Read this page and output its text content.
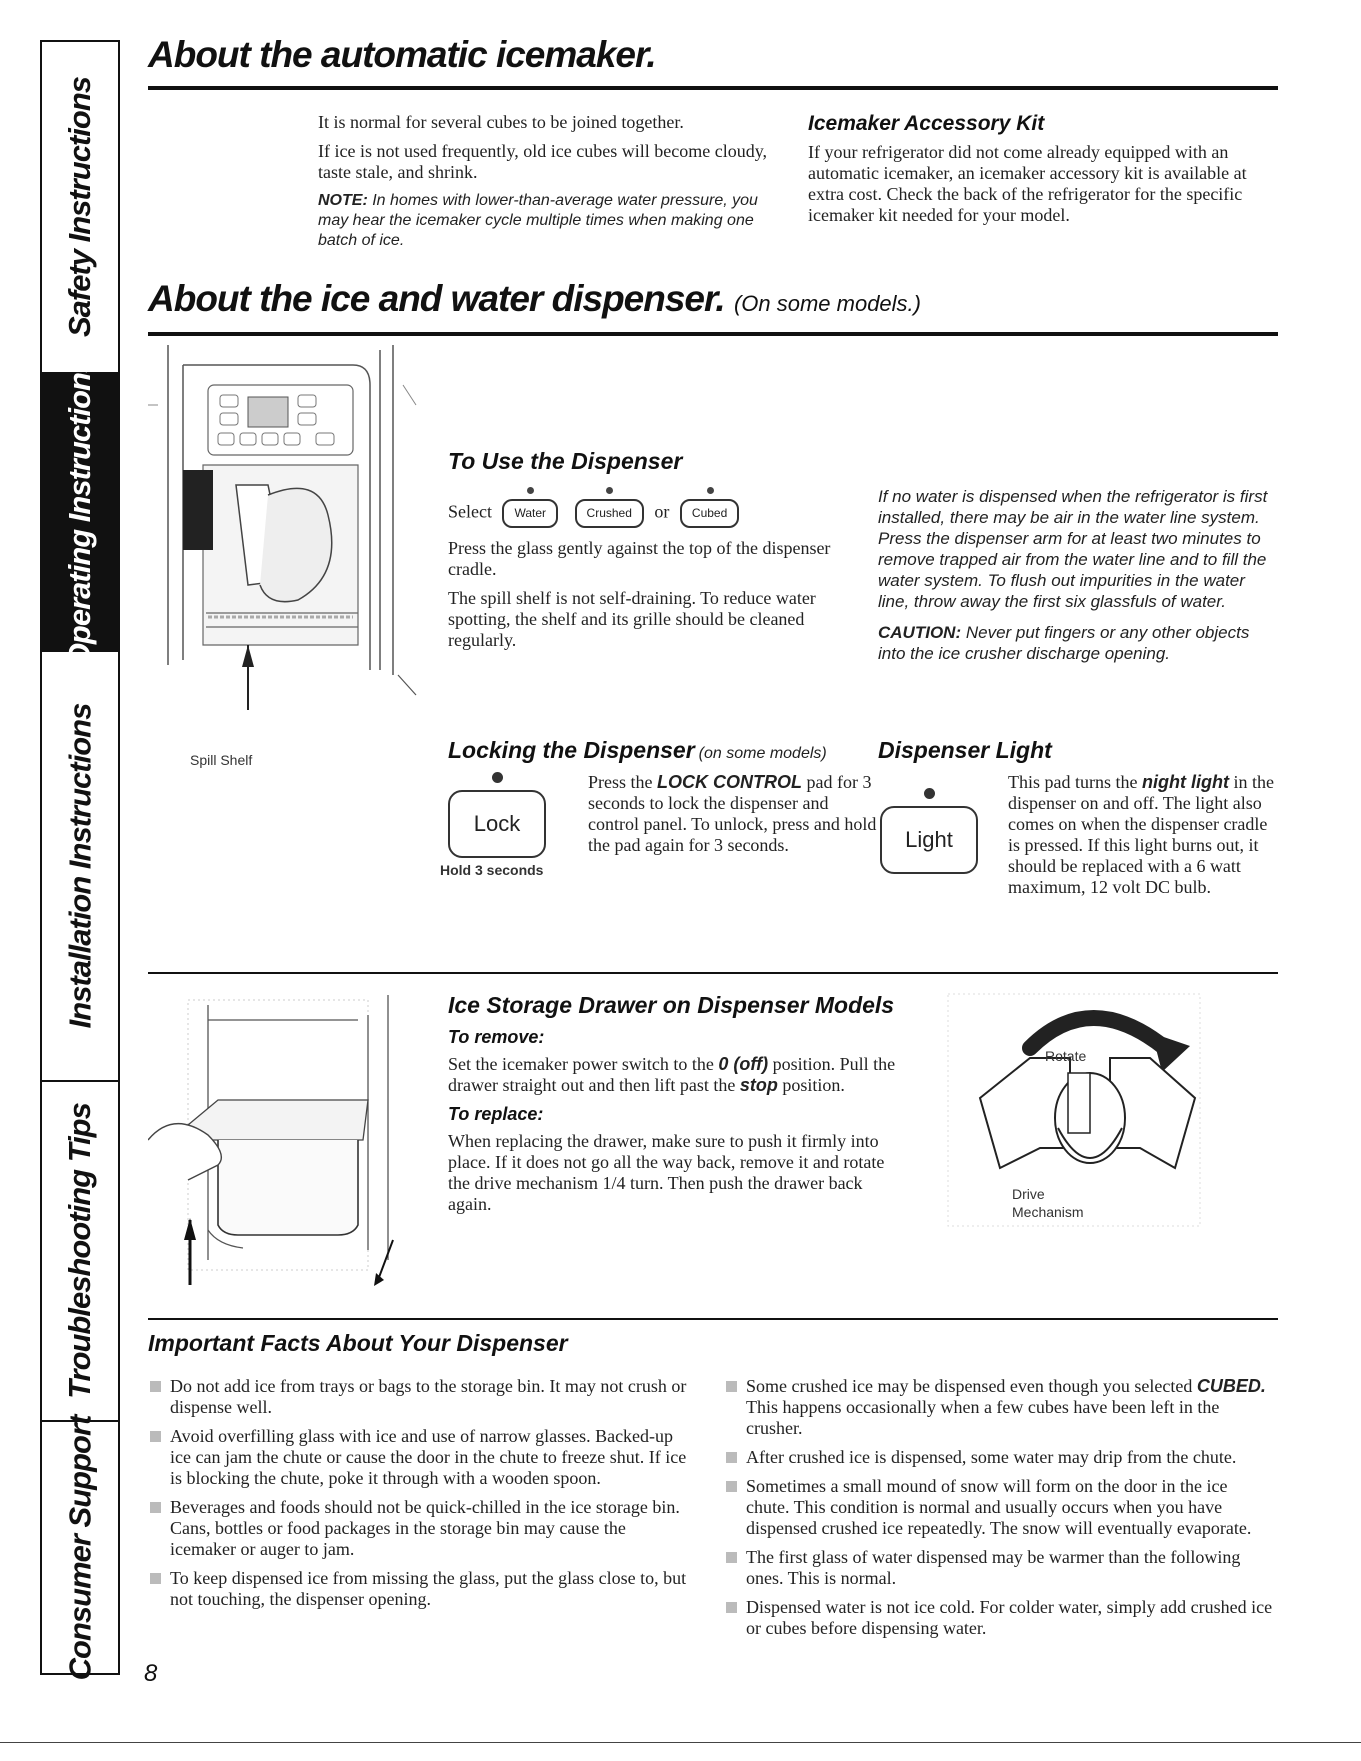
Safety Instructions
Operating Instructions
Installation Instructions
Troubleshooting Tips
Consumer Support
About the automatic icemaker.

It is normal for several cubes to be joined together.

If ice is not used frequently, old ice cubes will become cloudy, taste stale, and shrink.

NOTE: In homes with lower-than-average water pressure, you may hear the icemaker cycle multiple times when making one batch of ice.
Icemaker Accessory Kit
If your refrigerator did not come already equipped with an automatic icemaker, an icemaker accessory kit is available at extra cost. Check the back of the refrigerator for the specific icemaker kit needed for your model.
About the ice and water dispenser. (On some models.)
Spill Shelf
To Use the Dispenser
Select Water	Crushed or Cubed

Press the glass gently against the top of the dispenser cradle.

The spill shelf is not self-draining. To reduce water spotting, the shelf and its grille should be cleaned regularly.

If no water is dispensed when the refrigerator is first installed, there may be air in the water line system. Press the dispenser arm for at least two minutes to remove trapped air from the water line and to fill the water system. To flush out impurities in the water line, throw away the first six glassfuls of water.

CAUTION: Never put fingers or any other objects into the ice crusher discharge opening.
Locking the Dispenser (on some models)
Lock
Hold 3 seconds
Press the LOCK CONTROL pad for 3 seconds to lock the dispenser and control panel. To unlock, press and hold the pad again for 3 seconds.
Dispenser Light
Light
This pad turns the night light in the dispenser on and off. The light also comes on when the dispenser cradle is pressed. If this light burns out, it should be replaced with a 6 watt maximum, 12 volt DC bulb.
Ice Storage Drawer on Dispenser Models
To remove:

Set the icemaker power switch to the 0 (off) position. Pull the drawer straight out and then lift past the stop position.

To replace:

When replacing the drawer, make sure to push it firmly into place. If it does not go all the way back, remove it and rotate the drive mechanism 1/4 turn. Then push the drawer back again.

Rotate
Drive
Mechanism
Important Facts About Your Dispenser
Do not add ice from trays or bags to the storage bin. It may not crush or dispense well.
Avoid overfilling glass with ice and use of narrow glasses. Backed-up ice can jam the chute or cause the door in the chute to freeze shut. If ice is blocking the chute, poke it through with a wooden spoon.
Beverages and foods should not be quick-chilled in the ice storage bin. Cans, bottles or food packages in the storage bin may cause the icemaker or auger to jam.
To keep dispensed ice from missing the glass, put the glass close to, but not touching, the dispenser opening.
Some crushed ice may be dispensed even though you selected CUBED. This happens occasionally when a few cubes have been left in the crusher.
After crushed ice is dispensed, some water may drip from the chute.
Sometimes a small mound of snow will form on the door in the ice chute. This condition is normal and usually occurs when you have dispensed crushed ice repeatedly. The snow will eventually evaporate.
The first glass of water dispensed may be warmer than the following ones. This is normal.
Dispensed water is not ice cold. For colder water, simply add crushed ice or cubes before dispensing water.
8
